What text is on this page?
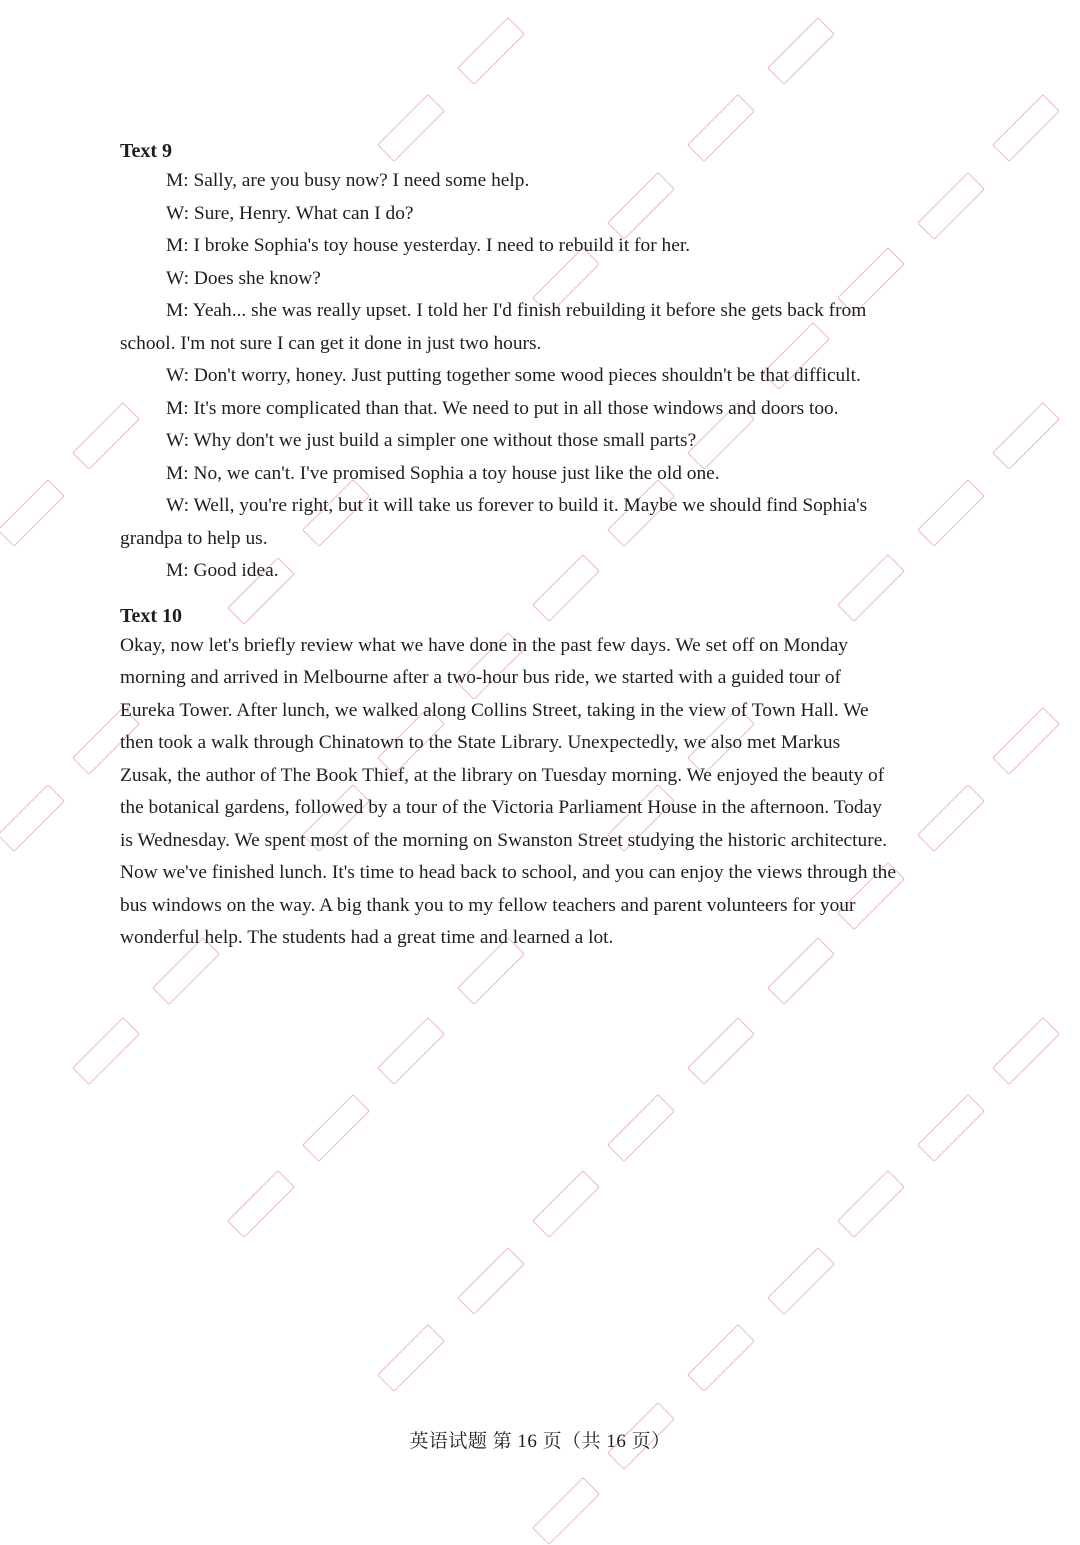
Text 9

M: Sally, are you busy now? I need some help.

W: Sure, Henry. What can I do?

M: I broke Sophia's toy house yesterday. I need to rebuild it for her.

W: Does she know?

M: Yeah... she was really upset. I told her I'd finish rebuilding it before she gets back from

school. I'm not sure I can get it done in just two hours.

W: Don't worry, honey. Just putting together some wood pieces shouldn't be that difficult.

M: It's more complicated than that. We need to put in all those windows and doors too.

W: Why don't we just build a simpler one without those small parts?

M: No, we can't. I've promised Sophia a toy house just like the old one.

W: Well, you're right, but it will take us forever to build it. Maybe we should find Sophia's

grandpa to help us.

M: Good idea.

Text 10

Okay, now let's briefly review what we have done in the past few days. We set off on Monday

morning and arrived in Melbourne after a two-hour bus ride, we started with a guided tour of

Eureka Tower. After lunch, we walked along Collins Street, taking in the view of Town Hall. We

then took a walk through Chinatown to the State Library. Unexpectedly, we also met Markus

Zusak, the author of The Book Thief, at the library on Tuesday morning. We enjoyed the beauty of

the botanical gardens, followed by a tour of the Victoria Parliament House in the afternoon. Today

is Wednesday. We spent most of the morning on Swanston Street studying the historic architecture.

Now we've finished lunch. It's time to head back to school, and you can enjoy the views through the

bus windows on the way. A big thank you to my fellow teachers and parent volunteers for your

wonderful help. The students had a great time and learned a lot.

英语试题 第 16 页（共 16 页）
